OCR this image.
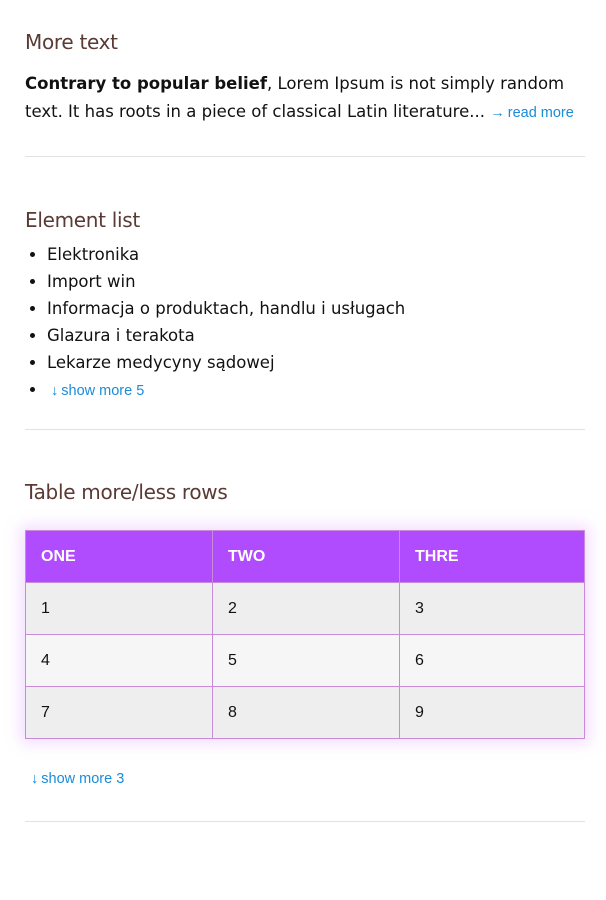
More text

Contrary to popular belief, Lorem Ipsum is not simply random text. It has roots in a piece of classical Latin literature... → read more

Element list
• Elektronika
• Import win
• Informacja o produktach, handlu i usługach
• Glazura i terakota
• Lekarze medycyny sądowej
• ↓ show more 5
Table more/less rows
ONE	TWO	THRE
1	2	3
4	5	6
7	8	9
↓ show more 3
